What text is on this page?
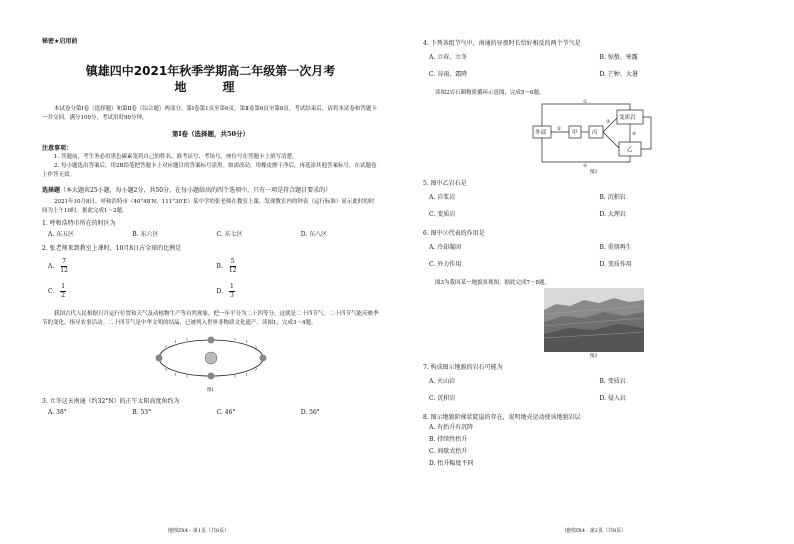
秘密★启用前
镇雄四中2021年秋季学期高二年级第一次月考
地　理
本试卷分第Ⅰ卷（选择题）和第Ⅱ卷（综合题）两部分。第Ⅰ卷第1页至第6页，第Ⅱ卷第6页至第8页。考试结束后，请将本试卷和答题卡一并交回。满分100分，考试用时90分钟。
第Ⅰ卷（选择题，共50分）
注意事项：
1. 答题前，考生务必用黑色碳素笔将自己的姓名、准考证号、考场号、座位号在答题卡上填写清楚。
2. 每小题选出答案后，用2B铅笔把答题卡上对应题目的答案标号涂黑。如需改动，用橡皮擦干净后，再选涂其他答案标号。在试题卷上作答无效。
选择题（本大题共25小题，每小题2分，共50分。在每小题给出的四个选项中，只有一项是符合题目要求的）
2021年10月8日，呼和浩特市（40°48′N，111°30′E）某中学的张老师在教室上课，发现教室内的钟表（运行标准）显示此时的时间为上午10时。据此完成1～2题。
1. 呼和浩特市所在的时区为
A. 东五区	B. 东六区	C. 东七区	D. 东八区
2. 张老师来到教室上课时，10月8日占全球的比例是
A. $\frac{7}{12}$	B. $\frac{5}{12}$
C. $\frac{1}{2}$	D. $\frac{1}{3}$
我国古代人民根据日月运行位置和天气及动植物生产等自然现象，把一年平分为二十四等分，这就是二十四节气。二十四节气能反映季节的变化，指导农事活动。二十四节气是中华文明的结晶，已被列入世界非物质文化遗产。读图1，完成3～4题。
图1
3. 立冬这天南通（约32°N）的正午太阳高度角约为
A. 38°	B. 53°	C. 46°	D. 56°
地理ZX4 · 第1页（共8页）
4. 下列各组节气中，南通的昼夜时长恰好相反的两个节气是
A. 立春、立冬	B. 惊蛰、寒露
C. 谷雨、霜降	D. 芒种、大暑
读图2岩石圈物质循环示意图，完成5～6题。
外部	甲	丙
变质岩
乙
①
②
③
④
⑤
图2
5. 图中乙岩石是
A. 岩浆岩	B. 沉积岩
C. 变质岩	D. 大理岩
6. 图中②代表的作用是
A. 冷却凝固	B. 重熔再生
C. 外力作用	D. 变质作用
图3为我国某一地貌景观图。据此完成7～8题。
图3
7. 构成图示地貌的岩石可能为
A. 火山岩	B. 变质岩
C. 沉积岩	D. 侵入岩
8. 图示地貌阶梯状陡崖的存在，说明地壳运动使该地貌岩层
A. 有抬升有沉降
B. 持续性抬升
C. 间歇式抬升
D. 抬升幅度不同
地理ZX4 · 第2页（共8页）
